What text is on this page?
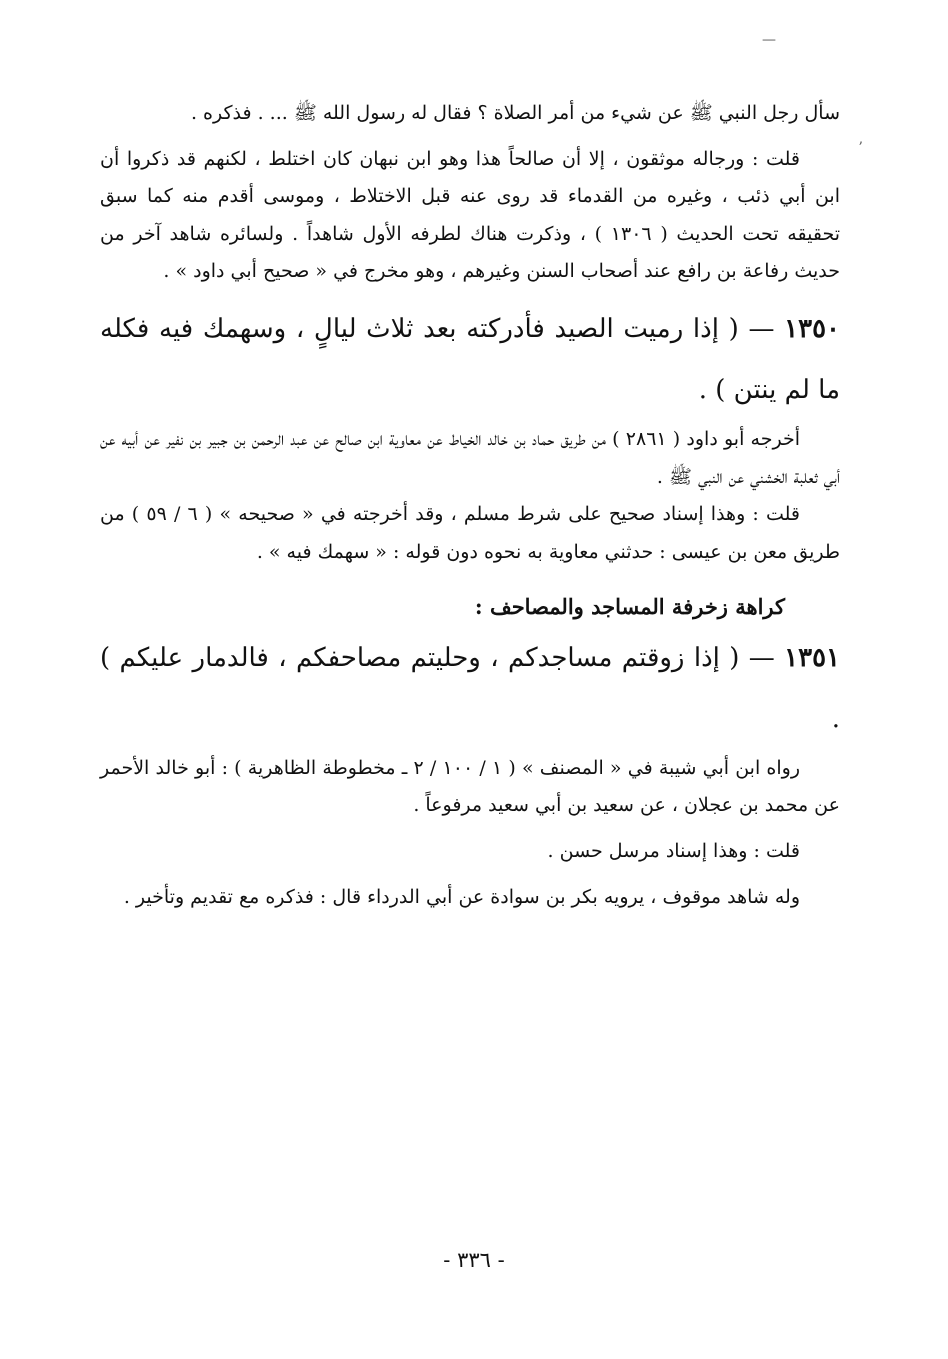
—
ʼ

سأل رجل النبي ﷺ عن شيء من أمر الصلاة ؟ فقال له رسول الله ﷺ ... . فذكره .

قلت : ورجاله موثقون ، إلا أن صالحاً هذا وهو ابن نبهان كان اختلط ، لكنهم قد ذكروا أن ابن أبي ذئب ، وغيره من القدماء قد روى عنه قبل الاختلاط ، وموسى أقدم منه كما سبق تحقيقه تحت الحديث ( ١٣٠٦ ) ، وذكرت هناك لطرفه الأول شاهداً . ولسائره شاهد آخر من حديث رفاعة بن رافع عند أصحاب السنن وغيرهم ، وهو مخرج في « صحيح أبي داود » .

١٣٥٠ — ( إذا رميت الصيد فأدركته بعد ثلاث ليالٍ ، وسهمك فيه فكله ما لم ينتن ) .

أخرجه أبو داود ( ٢٨٦١ ) من طريق حماد بن خالد الخياط عن معاوية ابن صالح عن عبد الرحمن بن جبير بن نفير عن أبيه عن أبي ثعلبة الخشني عن النبي ﷺ .

قلت : وهذا إسناد صحيح على شرط مسلم ، وقد أخرجته في « صحيحه » ( ٦ / ٥٩ ) من طريق معن بن عيسى : حدثني معاوية به نحوه دون قوله : « سهمك فيه » .

كراهة زخرفة المساجد والمصاحف :

١٣٥١ — ( إذا زوقتم مساجدكم ، وحليتم مصاحفكم ، فالدمار عليكم ) .

رواه ابن أبي شيبة في « المصنف » ( ١ / ١٠٠ / ٢ ـ مخطوطة الظاهرية ) : أبو خالد الأحمر عن محمد بن عجلان ، عن سعيد بن أبي سعيد مرفوعاً .

قلت : وهذا إسناد مرسل حسن .

وله شاهد موقوف ، يرويه بكر بن سوادة عن أبي الدرداء قال : فذكره مع تقديم وتأخير .

- ٣٣٦ -
